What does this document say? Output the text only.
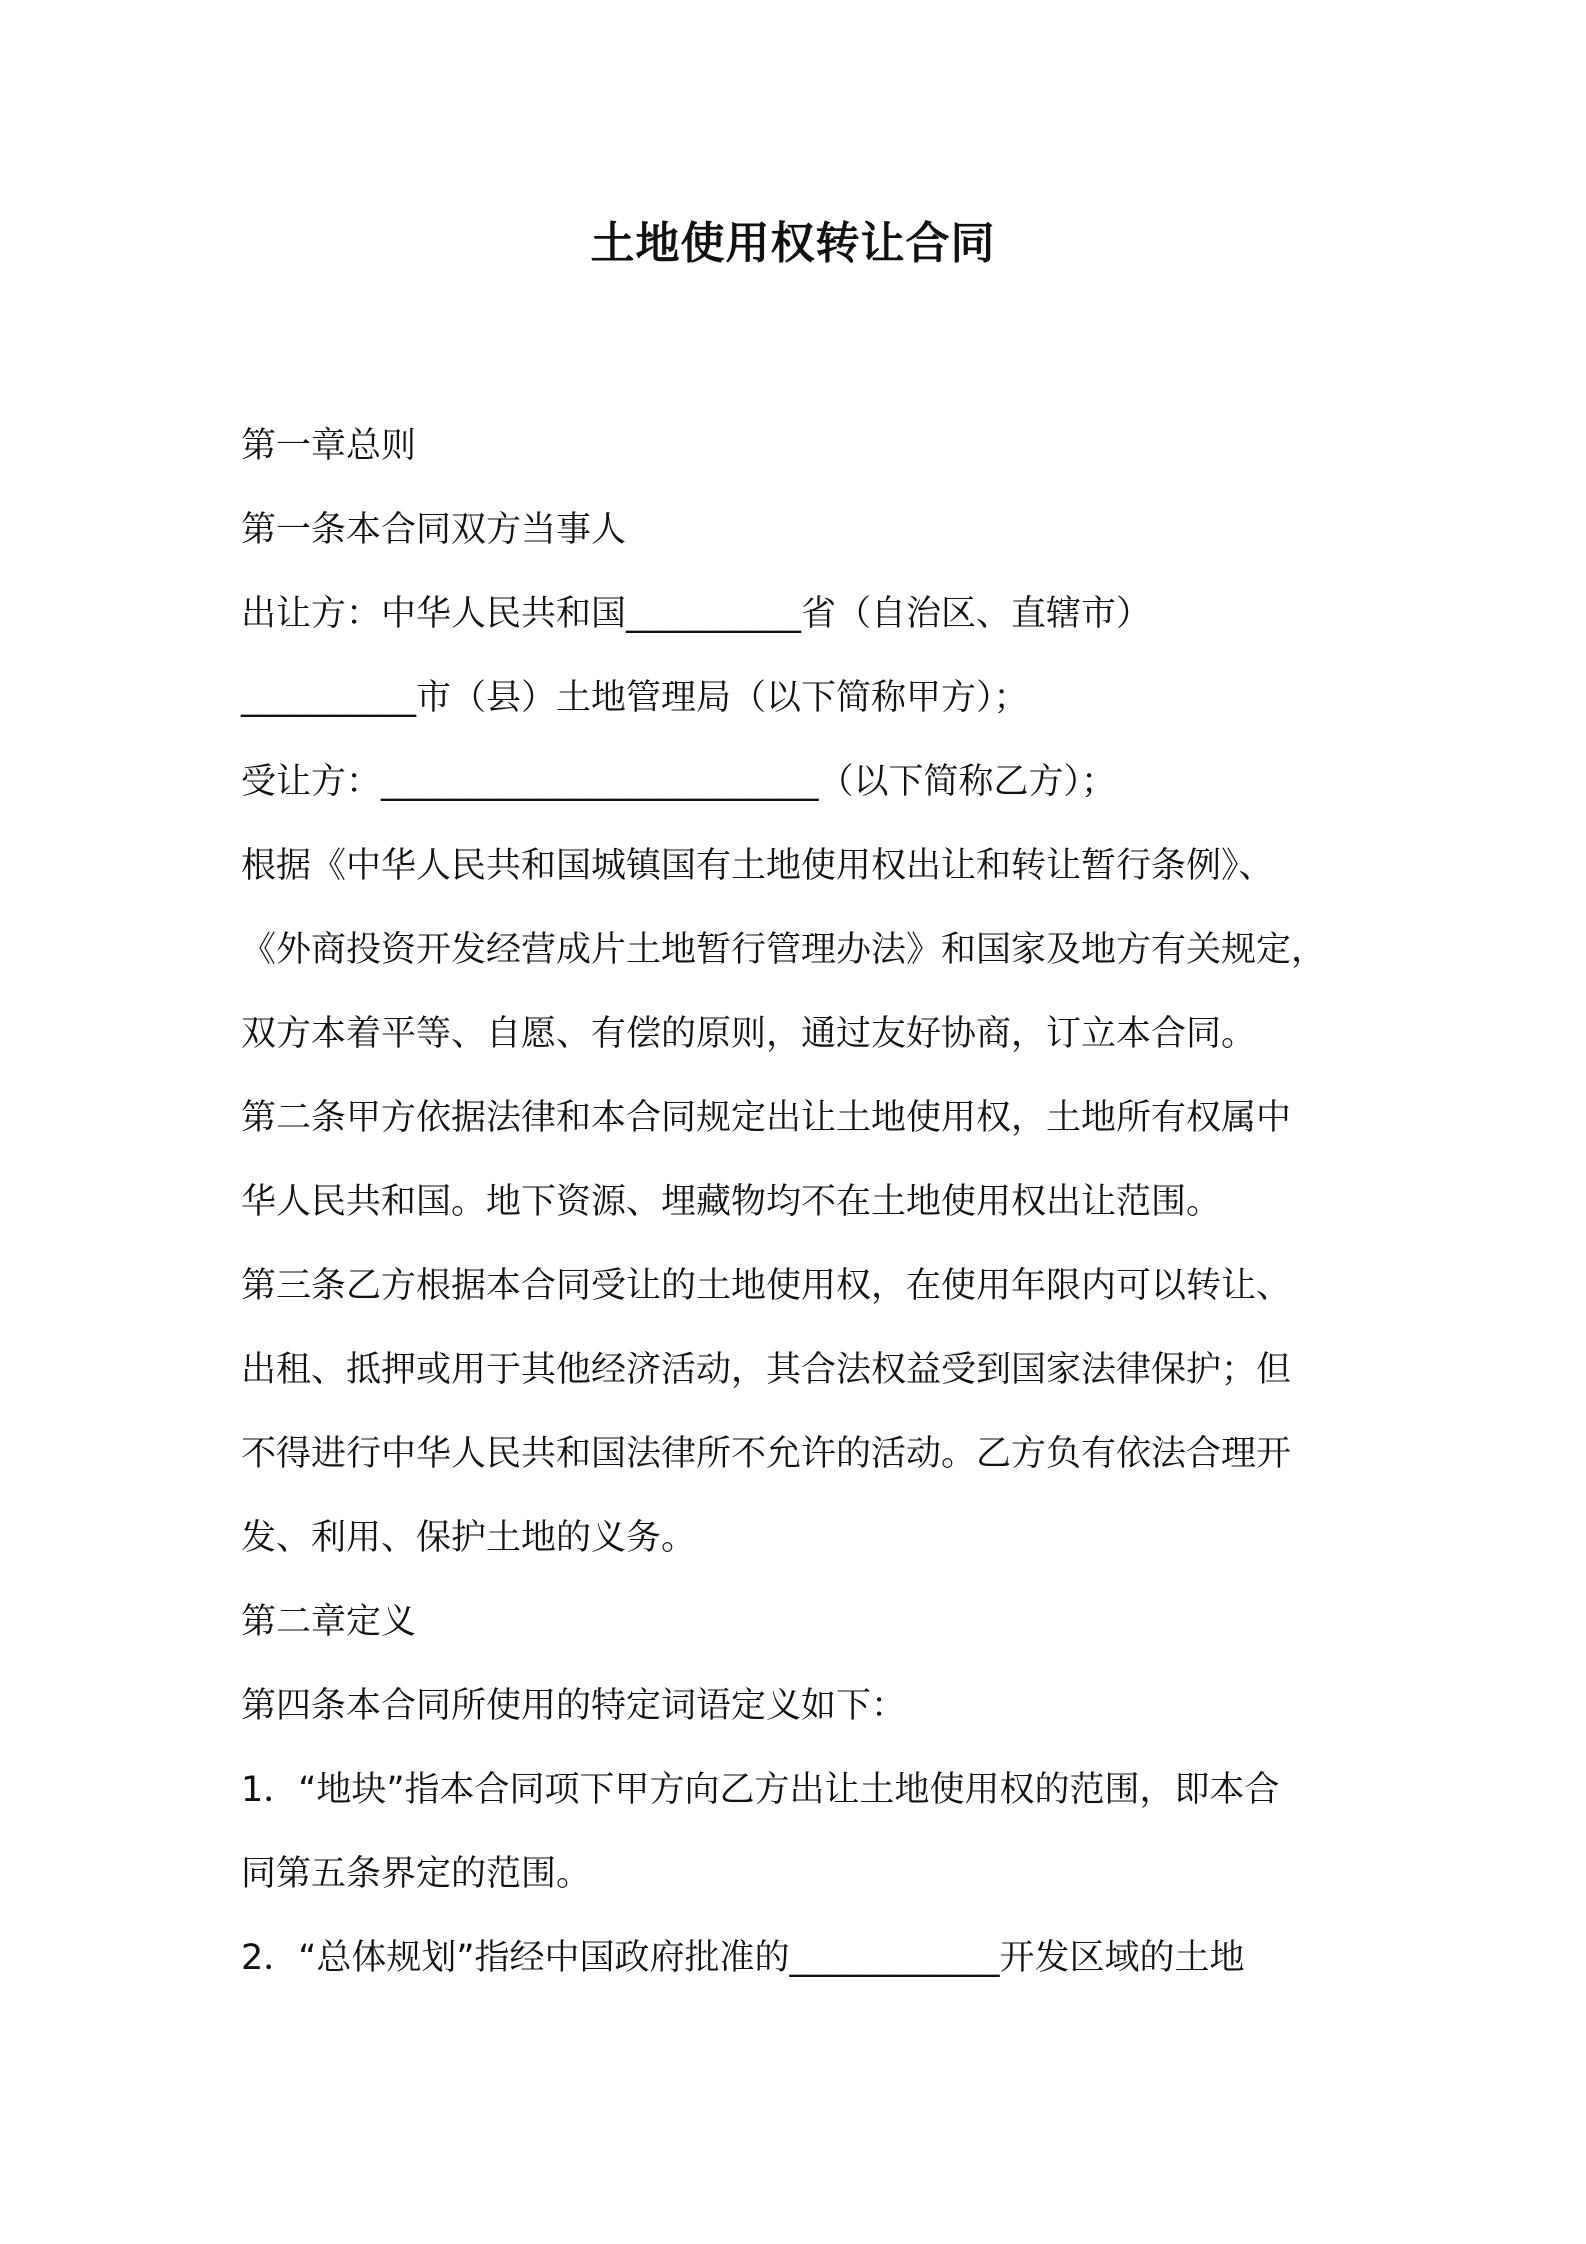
土地使用权转让合同
第一章总则
第一条本合同双方当事人
出让方：中华人民共和国__________省（自治区、直辖市）
__________市（县）土地管理局（以下简称甲方）；
受让方：_________________________（以下简称乙方）；
根据《中华人民共和国城镇国有土地使用权出让和转让暂行条例》、
《外商投资开发经营成片土地暂行管理办法》和国家及地方有关规定，
双方本着平等、自愿、有偿的原则，通过友好协商，订立本合同。
第二条甲方依据法律和本合同规定出让土地使用权，土地所有权属中
华人民共和国。地下资源、埋藏物均不在土地使用权出让范围。
第三条乙方根据本合同受让的土地使用权，在使用年限内可以转让、
出租、抵押或用于其他经济活动，其合法权益受到国家法律保护；但
不得进行中华人民共和国法律所不允许的活动。乙方负有依法合理开
发、利用、保护土地的义务。
第二章定义
第四条本合同所使用的特定词语定义如下：
1．“地块”指本合同项下甲方向乙方出让土地使用权的范围，即本合
同第五条界定的范围。
2．“总体规划”指经中国政府批准的____________开发区域的土地
